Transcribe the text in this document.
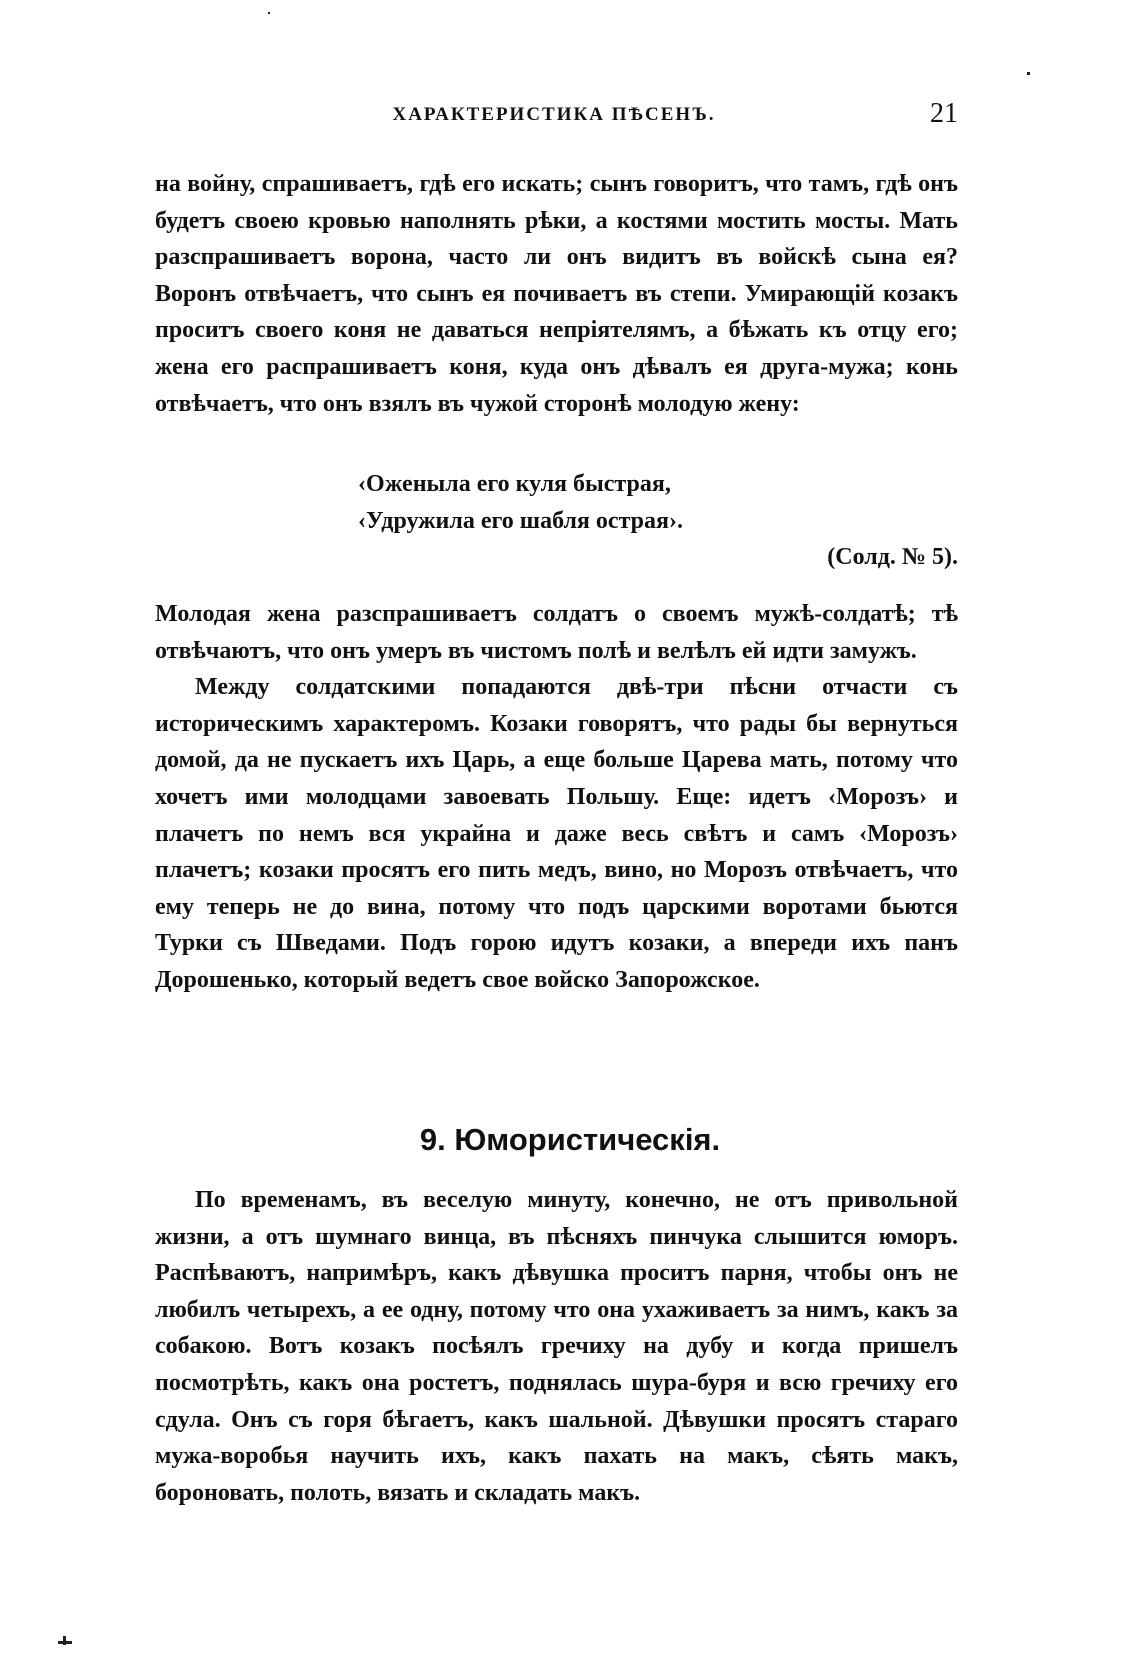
ХАРАКТЕРИСТИКА ПѢСЕНЪ.	21

на войну, спрашиваетъ, гдѣ его искать; сынъ говоритъ, что тамъ, гдѣ онъ будетъ своею кровью наполнять рѣки, а костями мостить мосты. Мать разспрашиваетъ ворона, часто ли онъ видитъ въ войскѣ сына ея? Воронъ отвѣчаетъ, что сынъ ея почиваетъ въ степи. Умирающій козакъ проситъ своего коня не даваться непріятелямъ, а бѣжать къ отцу его; жена его распрашиваетъ коня, куда онъ дѣвалъ ея друга-мужа; конь отвѣчаетъ, что онъ взялъ въ чужой сторонѣ молодую жену:

‹Оженыла его куля быстрая,
‹Удружила его шабля острая›.
(Солд. № 5).

Молодая жена разспрашиваетъ солдатъ о своемъ мужѣ-солдатѣ; тѣ отвѣчаютъ, что онъ умеръ въ чистомъ полѣ и велѣлъ ей идти замужъ.

Между солдатскими попадаются двѣ-три пѣсни отчасти съ историческимъ характеромъ. Козаки говорятъ, что рады бы вернуться домой, да не пускаетъ ихъ Царь, а еще больше Царева мать, потому что хочетъ ими молодцами завоевать Польшу. Еще: идетъ ‹Морозъ› и плачетъ по немъ вся украйна и даже весь свѣтъ и самъ ‹Морозъ› плачетъ; козаки просятъ его пить медъ, вино, но Морозъ отвѣчаетъ, что ему теперь не до вина, потому что подъ царскими воротами бьются Турки съ Шведами. Подъ горою идутъ козаки, а впереди ихъ панъ Дорошенько, который ведетъ свое войско Запорожское.

9. Юмористическія.

По временамъ, въ веселую минуту, конечно, не отъ привольной жизни, а отъ шумнаго винца, въ пѣсняхъ пинчука слышится юморъ. Распѣваютъ, напримѣръ, какъ дѣвушка проситъ парня, чтобы онъ не любилъ четырехъ, а ее одну, потому что она ухаживаетъ за нимъ, какъ за собакою. Вотъ козакъ посѣялъ гречиху на дубу и когда пришелъ посмотрѣть, какъ она ростетъ, поднялась шура-буря и всю гречиху его сдула. Онъ съ горя бѣгаетъ, какъ шальной. Дѣвушки просятъ стараго мужа-воробья научить ихъ, какъ пахать на макъ, сѣять макъ, бороновать, полоть, вязать и складать макъ.
